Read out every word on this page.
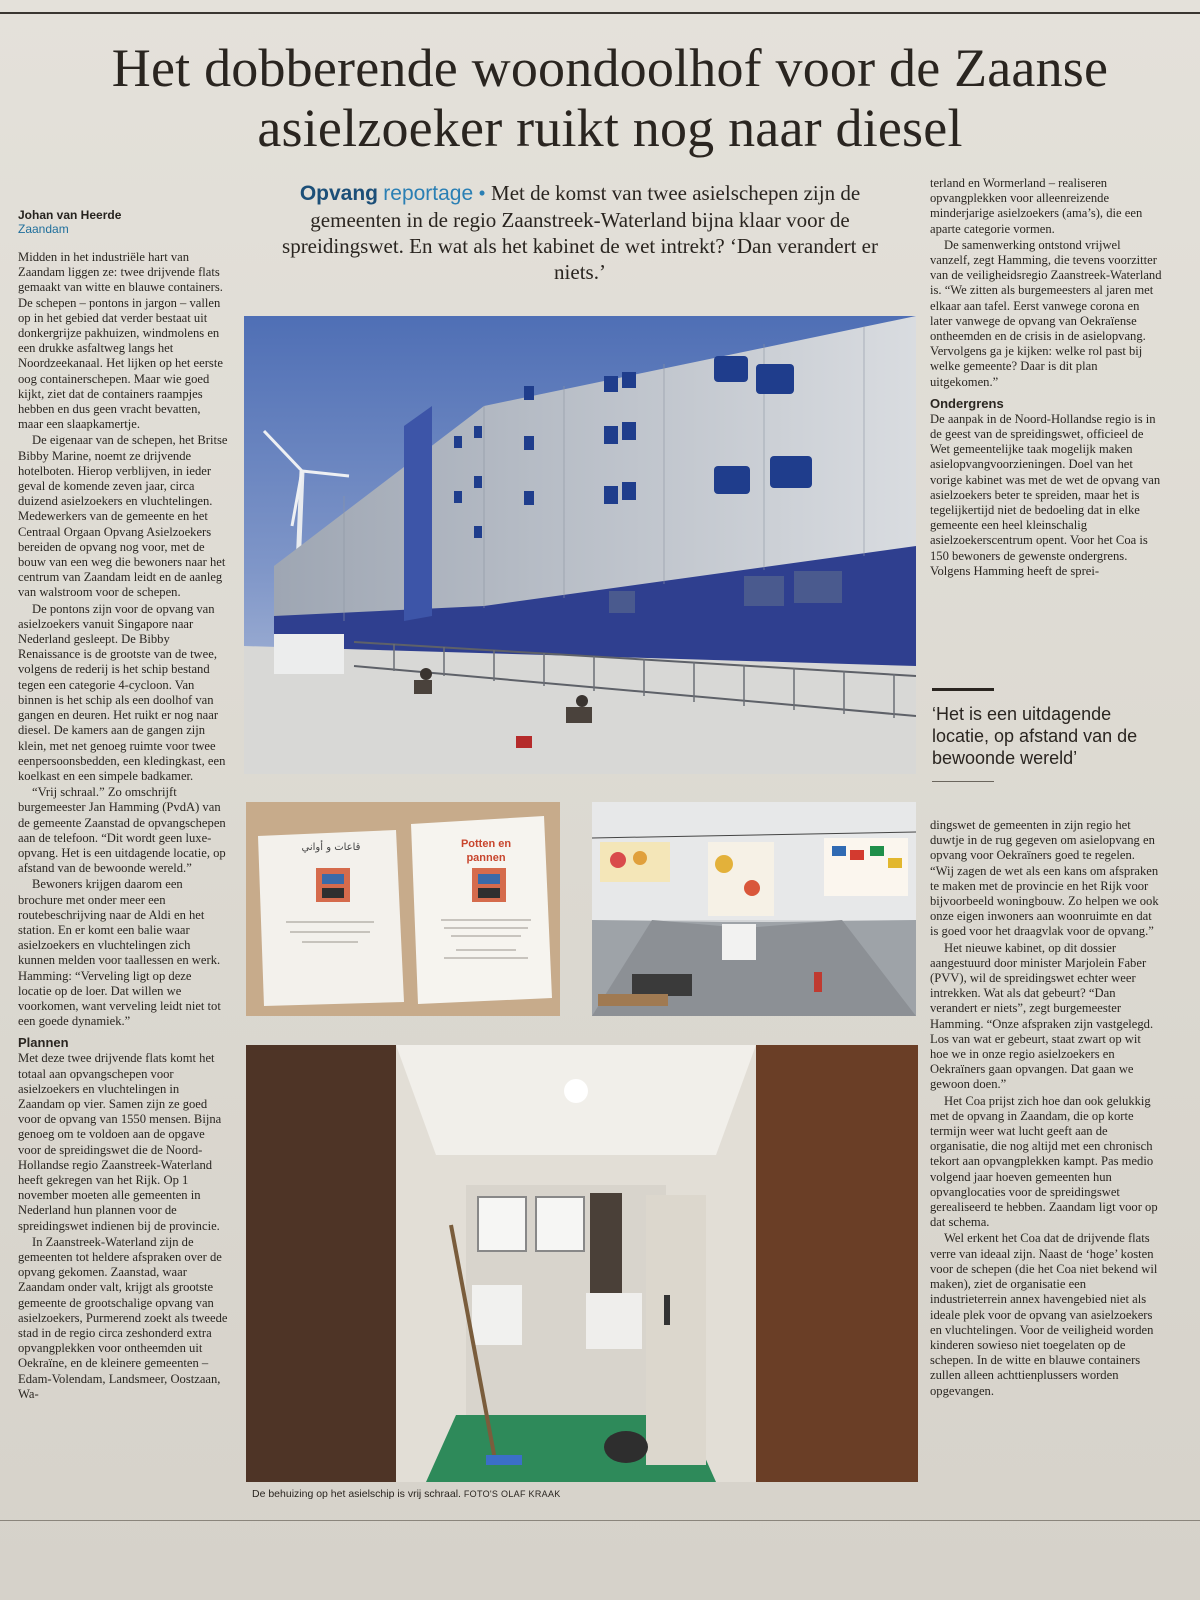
Het dobberende woondoolhof voor de Zaanse asielzoeker ruikt nog naar diesel
Johan van Heerde
Zaandam
Opvang reportage • Met de komst van twee asielschepen zijn de gemeenten in de regio Zaanstreek-Waterland bijna klaar voor de spreidingswet. En wat als het kabinet de wet intrekt? ‘Dan verandert er niets.’

Midden in het industriële hart van Zaandam liggen ze: twee drijvende flats gemaakt van witte en blauwe containers. De schepen – pontons in jargon – vallen op in het gebied dat verder bestaat uit donkergrijze pakhuizen, windmolens en een drukke asfaltweg langs het Noordzeekanaal. Het lijken op het eerste oog containerschepen. Maar wie goed kijkt, ziet dat de containers raampjes hebben en dus geen vracht bevatten, maar een slaapkamertje.

De eigenaar van de schepen, het Britse Bibby Marine, noemt ze drijvende hotelboten. Hierop verblijven, in ieder geval de komende zeven jaar, circa duizend asielzoekers en vluchtelingen. Medewerkers van de gemeente en het Centraal Orgaan Opvang Asielzoekers bereiden de opvang nog voor, met de bouw van een weg die bewoners naar het centrum van Zaandam leidt en de aanleg van walstroom voor de schepen.

De pontons zijn voor de opvang van asielzoekers vanuit Singapore naar Nederland gesleept. De Bibby Renaissance is de grootste van de twee, volgens de rederij is het schip bestand tegen een categorie 4-cycloon. Van binnen is het schip als een doolhof van gangen en deuren. Het ruikt er nog naar diesel. De kamers aan de gangen zijn klein, met net genoeg ruimte voor twee eenpersoonsbedden, een kledingkast, een koelkast en een simpele badkamer.

“Vrij schraal.” Zo omschrijft burgemeester Jan Hamming (PvdA) van de gemeente Zaanstad de opvangschepen aan de telefoon. “Dit wordt geen luxe-opvang. Het is een uitdagende locatie, op afstand van de bewoonde wereld.”

Bewoners krijgen daarom een brochure met onder meer een routebeschrijving naar de Aldi en het station. En er komt een balie waar asielzoekers en vluchtelingen zich kunnen melden voor taallessen en werk. Hamming: “Verveling ligt op deze locatie op de loer. Dat willen we voorkomen, want verveling leidt niet tot een goede dynamiek.”

Plannen

Met deze twee drijvende flats komt het totaal aan opvangschepen voor asielzoekers en vluchtelingen in Zaandam op vier. Samen zijn ze goed voor de opvang van 1550 mensen. Bijna genoeg om te voldoen aan de opgave voor de spreidingswet die de Noord-Hollandse regio Zaanstreek-Waterland heeft gekregen van het Rijk. Op 1 november moeten alle gemeenten in Nederland hun plannen voor de spreidingswet indienen bij de provincie.

In Zaanstreek-Waterland zijn de gemeenten tot heldere afspraken over de opvang gekomen. Zaanstad, waar Zaandam onder valt, krijgt als grootste gemeente de grootschalige opvang van asielzoekers, Purmerend zoekt als tweede stad in de regio circa zeshonderd extra opvangplekken voor ontheemden uit Oekraïne, en de kleinere gemeenten – Edam-Volendam, Landsmeer, Oostzaan, Wa-

terland en Wormerland – realiseren opvangplekken voor alleenreizende minderjarige asielzoekers (ama’s), die een aparte categorie vormen.

De samenwerking ontstond vrijwel vanzelf, zegt Hamming, die tevens voorzitter van de veiligheidsregio Zaanstreek-Waterland is. “We zitten als burgemeesters al jaren met elkaar aan tafel. Eerst vanwege corona en later vanwege de opvang van Oekraïense ontheemden en de crisis in de asielopvang. Vervolgens ga je kijken: welke rol past bij welke gemeente? Daar is dit plan uitgekomen.”

Ondergrens

De aanpak in de Noord-Hollandse regio is in de geest van de spreidingswet, officieel de Wet gemeentelijke taak mogelijk maken asielopvangvoorzieningen. Doel van het vorige kabinet was met de wet de opvang van asielzoekers beter te spreiden, maar het is tegelijkertijd niet de bedoeling dat in elke gemeente een heel kleinschalig asielzoekerscentrum opent. Voor het Coa is 150 bewoners de gewenste ondergrens. Volgens Hamming heeft de sprei-

‘Het is een uitdagende locatie, op afstand van de bewoonde wereld’

dingswet de gemeenten in zijn regio het duwtje in de rug gegeven om asielopvang en opvang voor Oekraïners goed te regelen. “Wij zagen de wet als een kans om afspraken te maken met de provincie en het Rijk voor bijvoorbeeld woningbouw. Zo helpen we ook onze eigen inwoners aan woonruimte en dat is goed voor het draagvlak voor de opvang.”

Het nieuwe kabinet, op dit dossier aangestuurd door minister Marjolein Faber (PVV), wil de spreidingswet echter weer intrekken. Wat als dat gebeurt? “Dan verandert er niets”, zegt burgemeester Hamming. “Onze afspraken zijn vastgelegd. Los van wat er gebeurt, staat zwart op wit hoe we in onze regio asielzoekers en Oekraïners gaan opvangen. Dat gaan we gewoon doen.”

Het Coa prijst zich hoe dan ook gelukkig met de opvang in Zaandam, die op korte termijn weer wat lucht geeft aan de organisatie, die nog altijd met een chronisch tekort aan opvangplekken kampt. Pas medio volgend jaar hoeven gemeenten hun opvanglocaties voor de spreidingswet gerealiseerd te hebben. Zaandam ligt voor op dat schema.

Wel erkent het Coa dat de drijvende flats verre van ideaal zijn. Naast de ‘hoge’ kosten voor de schepen (die het Coa niet bekend wil maken), ziet de organisatie een industrieterrein annex havengebied niet als ideale plek voor de opvang van asielzoekers en vluchtelingen. Voor de veiligheid worden kinderen sowieso niet toegelaten op de schepen. In de witte en blauwe containers zullen alleen achttienplussers worden opgevangen.

قاعات و أواني	Potten en
pannen
De behuizing op het asielschip is vrij schraal. FOTO'S OLAF KRAAK
